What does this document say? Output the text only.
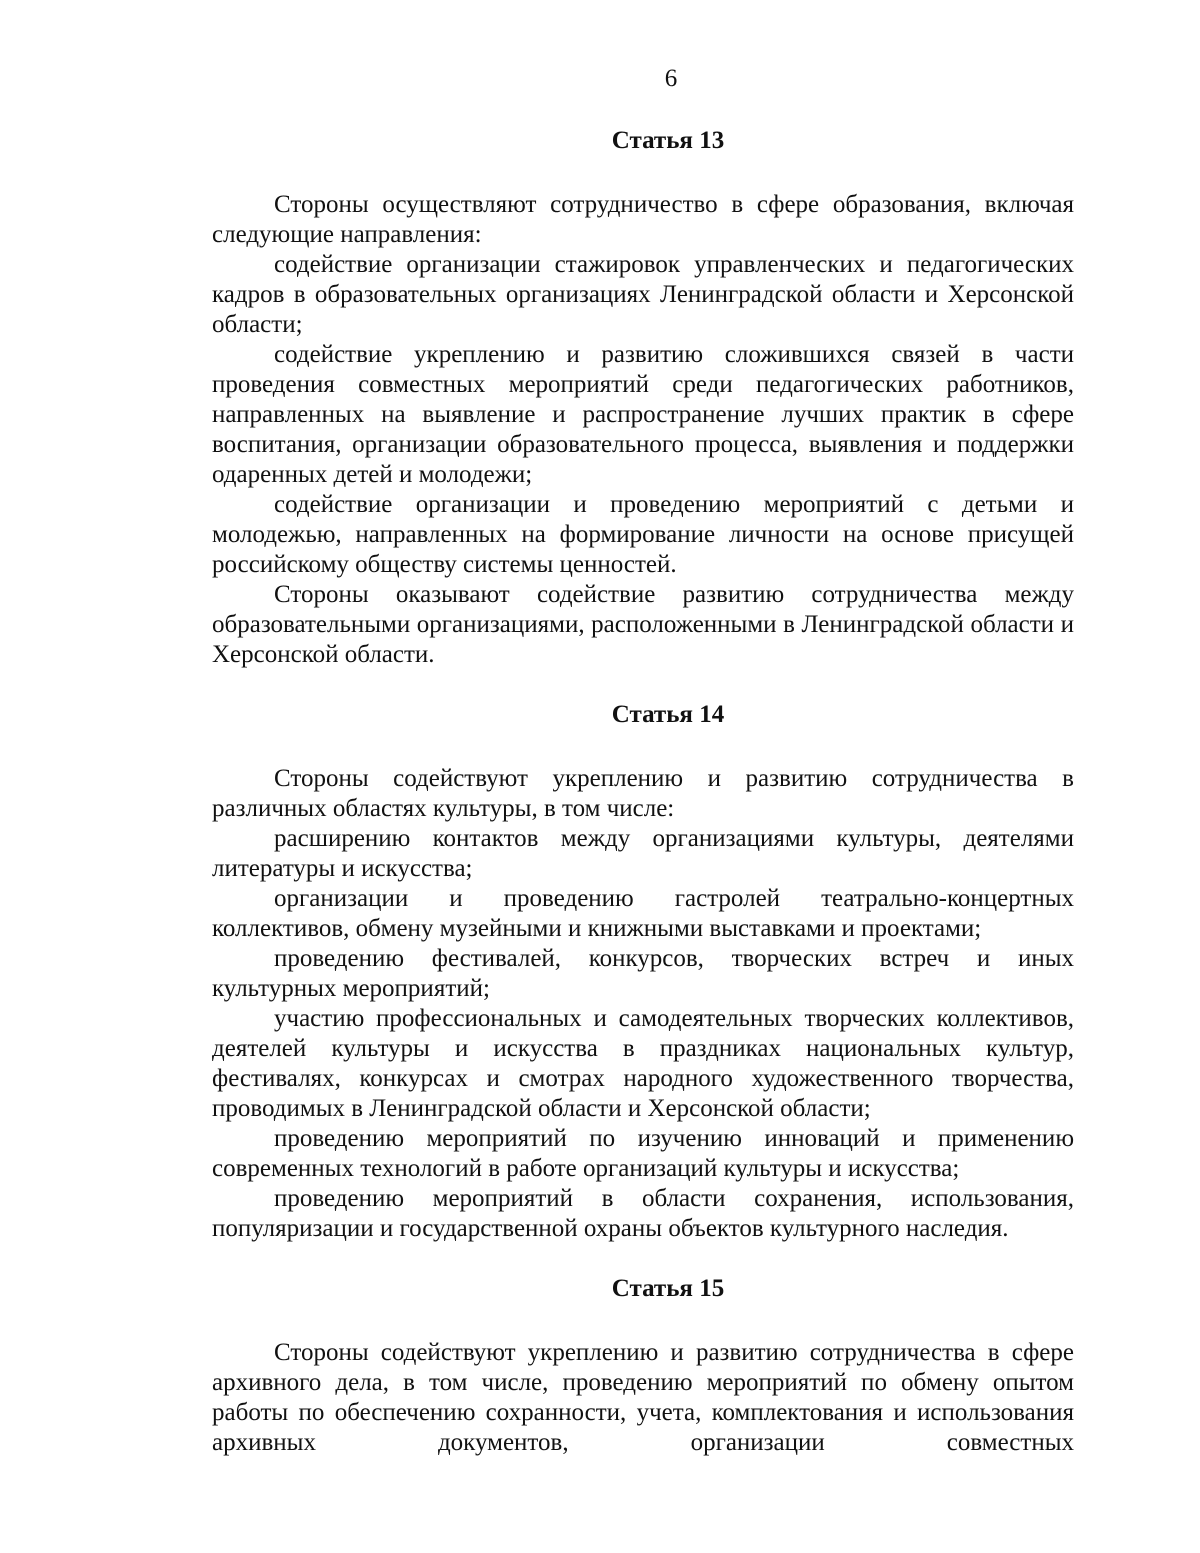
6
Статья 13

Стороны осуществляют сотрудничество в сфере образования, включая следующие направления:

содействие организации стажировок управленческих и педагогических кадров в образовательных организациях Ленинградской области и Херсонской области;

содействие укреплению и развитию сложившихся связей в части проведения совместных мероприятий среди педагогических работников, направленных на выявление и распространение лучших практик в сфере воспитания, организации образовательного процесса, выявления и поддержки одаренных детей и молодежи;

содействие организации и проведению мероприятий с детьми и молодежью, направленных на формирование личности на основе присущей российскому обществу системы ценностей.

Стороны оказывают содействие развитию сотрудничества между образовательными организациями, расположенными в Ленинградской области и Херсонской области.

Статья 14

Стороны содействуют укреплению и развитию сотрудничества в различных областях культуры, в том числе:

расширению контактов между организациями культуры, деятелями литературы и искусства;

организации и проведению гастролей театрально-концертных коллективов, обмену музейными и книжными выставками и проектами;

проведению фестивалей, конкурсов, творческих встреч и иных культурных мероприятий;

участию профессиональных и самодеятельных творческих коллективов, деятелей культуры и искусства в праздниках национальных культур, фестивалях, конкурсах и смотрах народного художественного творчества, проводимых в Ленинградской области и Херсонской области;

проведению мероприятий по изучению инноваций и применению современных технологий в работе организаций культуры и искусства;

проведению мероприятий в области сохранения, использования, популяризации и государственной охраны объектов культурного наследия.

Статья 15

Стороны содействуют укреплению и развитию сотрудничества в сфере архивного дела, в том числе, проведению мероприятий по обмену опытом работы по обеспечению сохранности, учета, комплектования и использования архивных документов, организации совместных
